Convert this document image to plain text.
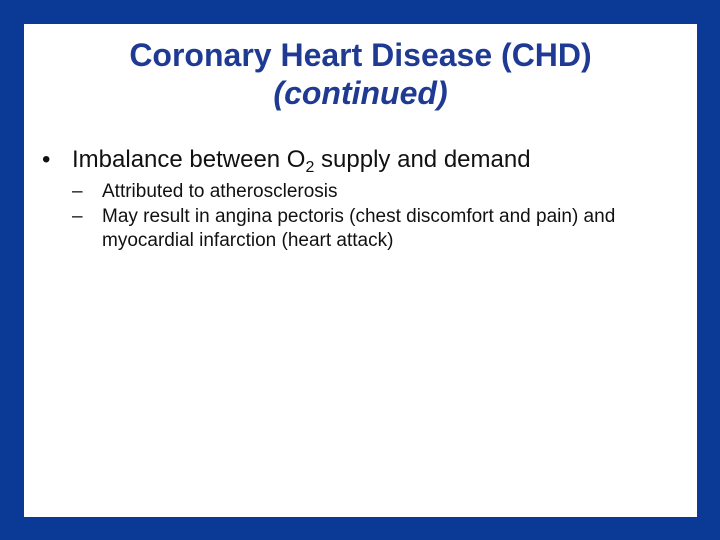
Coronary Heart Disease (CHD)
(continued)
• Imbalance between $O_2$ supply and demand
– Attributed to atherosclerosis
– May result in angina pectoris (chest discomfort and pain) and myocardial infarction (heart attack)
